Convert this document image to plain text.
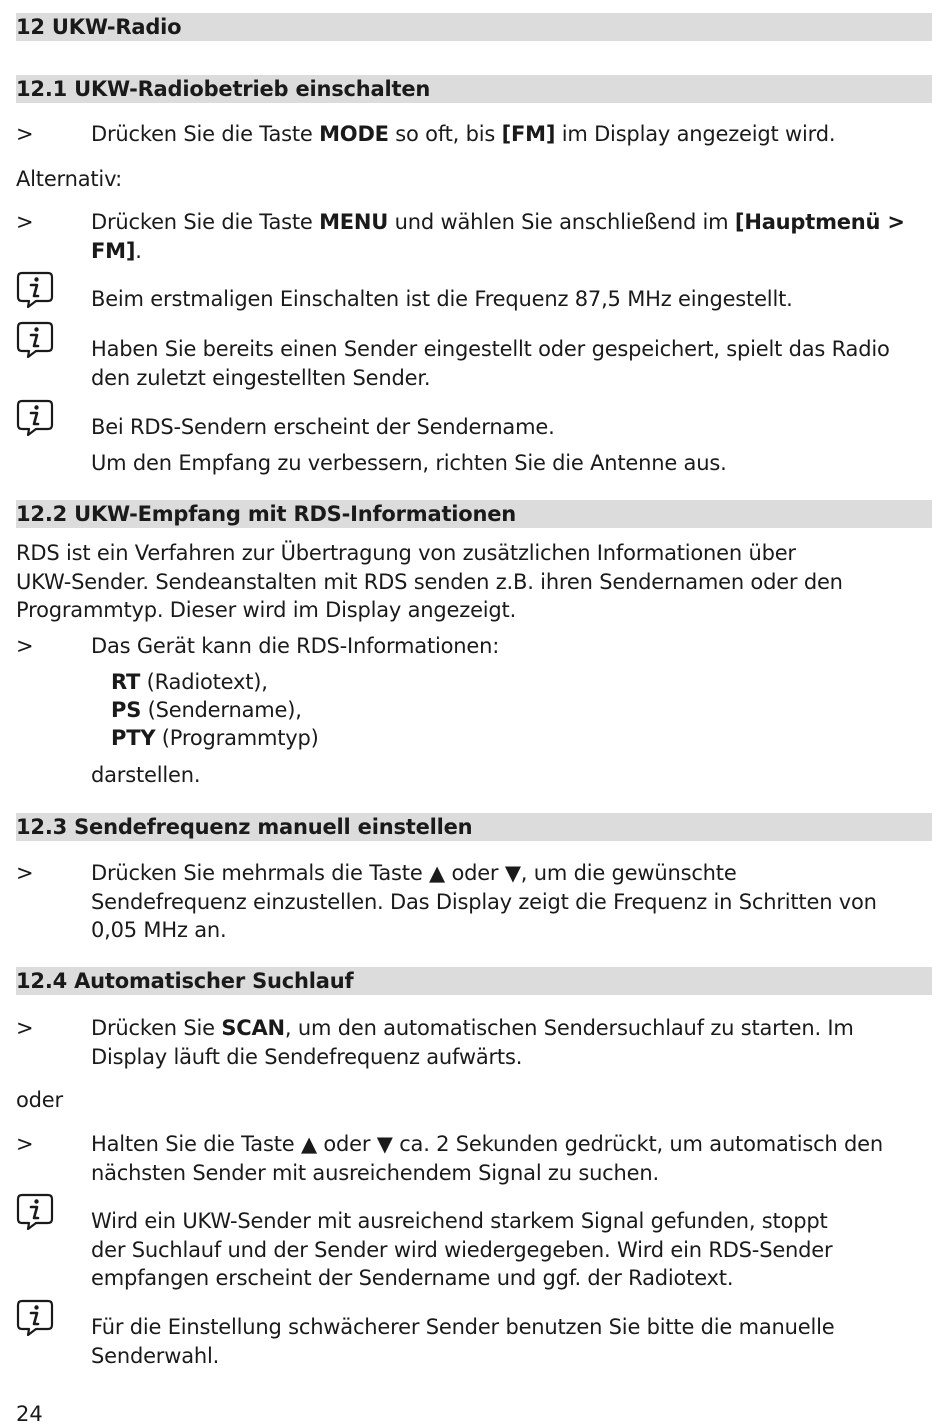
12 UKW-Radio
12.1 UKW-Radiobetrieb einschalten
>	Drücken Sie die Taste MODE so oft, bis [FM] im Display angezeigt wird.
Alternativ:
>	Drücken Sie die Taste MENU und wählen Sie anschließend im [Hauptmenü >
FM].
Beim erstmaligen Einschalten ist die Frequenz 87,5 MHz eingestellt.
Haben Sie bereits einen Sender eingestellt oder gespeichert, spielt das Radio
den zuletzt eingestellten Sender.
Bei RDS-Sendern erscheint der Sendername.
Um den Empfang zu verbessern, richten Sie die Antenne aus.
12.2 UKW-Empfang mit RDS-Informationen
RDS ist ein Verfahren zur Übertragung von zusätzlichen Informationen über
UKW-Sender. Sendeanstalten mit RDS senden z.B. ihren Sendernamen oder den
Programmtyp. Dieser wird im Display angezeigt.
>	Das Gerät kann die RDS-Informationen:
RT (Radiotext),
PS (Sendername),
PTY (Programmtyp)
darstellen.
12.3 Sendefrequenz manuell einstellen
>	Drücken Sie mehrmals die Taste ▲ oder ▼, um die gewünschte
Sendefrequenz einzustellen. Das Display zeigt die Frequenz in Schritten von
0,05 MHz an.
12.4 Automatischer Suchlauf
>	Drücken Sie SCAN, um den automatischen Sendersuchlauf zu starten. Im
Display läuft die Sendefrequenz aufwärts.
oder
>	Halten Sie die Taste ▲ oder ▼ ca. 2 Sekunden gedrückt, um automatisch den
nächsten Sender mit ausreichendem Signal zu suchen.
Wird ein UKW-Sender mit ausreichend starkem Signal gefunden, stoppt
der Suchlauf und der Sender wird wiedergegeben. Wird ein RDS-Sender
empfangen erscheint der Sendername und ggf. der Radiotext.
Für die Einstellung schwächerer Sender benutzen Sie bitte die manuelle
Senderwahl.
24
